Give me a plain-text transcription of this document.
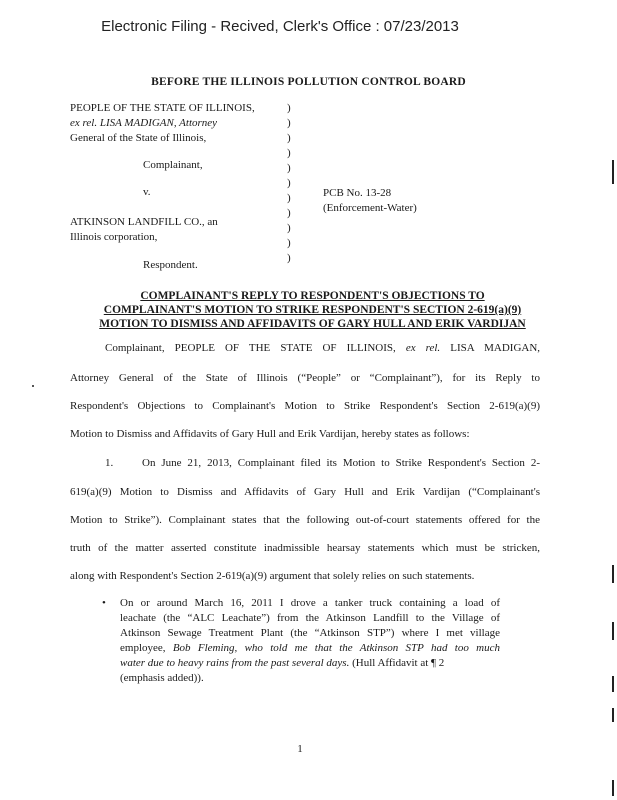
Electronic Filing - Recived, Clerk's Office : 07/23/2013
BEFORE THE ILLINOIS POLLUTION CONTROL BOARD
PEOPLE OF THE STATE OF ILLINOIS,
ex rel. LISA MADIGAN, Attorney
General of the State of Illinois,
Complainant,
v.
ATKINSON LANDFILL CO., an
Illinois corporation,
Respondent.
)
)
)
)
)
)
)
)
)
)
)
PCB No. 13-28
(Enforcement-Water)
COMPLAINANT'S REPLY TO RESPONDENT'S OBJECTIONS TO
COMPLAINANT'S MOTION TO STRIKE RESPONDENT'S SECTION 2-619(a)(9)
MOTION TO DISMISS AND AFFIDAVITS OF GARY HULL AND ERIK VARDIJAN
Complainant, PEOPLE OF THE STATE OF ILLINOIS, ex rel. LISA MADIGAN,
Attorney General of the State of Illinois (“People” or “Complainant”), for its Reply to
Respondent's Objections to Complainant's Motion to Strike Respondent's Section 2-619(a)(9)
Motion to Dismiss and Affidavits of Gary Hull and Erik Vardijan, hereby states as follows:
1.	On June 21, 2013, Complainant filed its Motion to Strike Respondent's Section 2-
619(a)(9) Motion to Dismiss and Affidavits of Gary Hull and Erik Vardijan (“Complainant's
Motion to Strike”). Complainant states that the following out-of-court statements offered for the
truth of the matter asserted constitute inadmissible hearsay statements which must be stricken,
along with Respondent's Section 2-619(a)(9) argument that solely relies on such statements.
• On or around March 16, 2011 I drove a tanker truck containing a load of
leachate (the “ALC Leachate”) from the Atkinson Landfill to the Village of
Atkinson Sewage Treatment Plant (the “Atkinson STP”) where I met village
employee, Bob Fleming, who told me that the Atkinson STP had too much
water due to heavy rains from the past several days. (Hull Affidavit at ¶ 2
(emphasis added)).
1
